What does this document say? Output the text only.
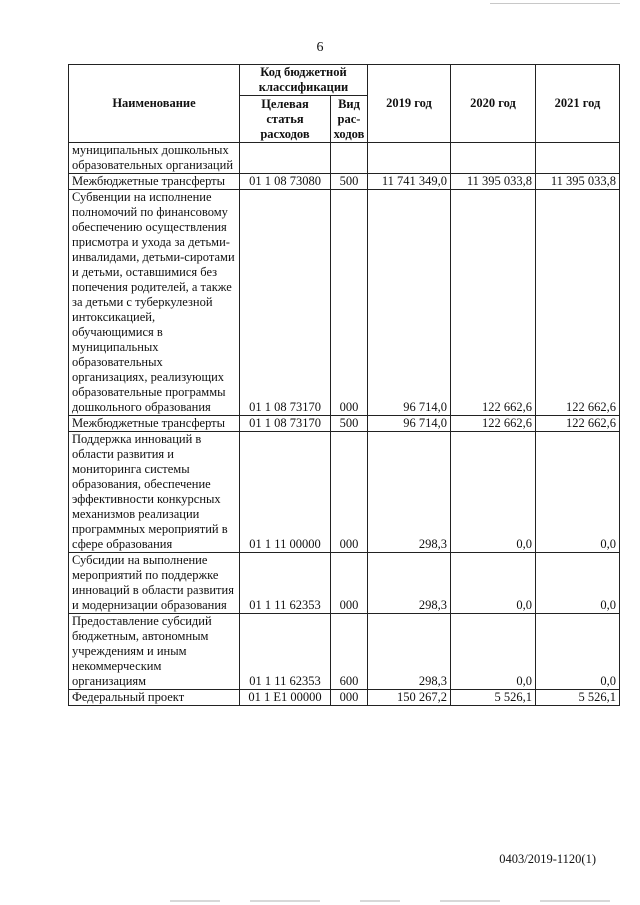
6
Наименование	Код бюджетной классификации		2019 год	2020 год	2021 год
	Целевая статья расходов	Вид рас-ходов			
муниципальных дошкольных образовательных организаций					
Межбюджетные трансферты	01 1 08 73080	500	11 741 349,0	11 395 033,8	11 395 033,8
Субвенции на исполнение полномочий по финансовому обеспечению осуществления присмотра и ухода за детьми-инвалидами, детьми-сиротами и детьми, оставшимися без попечения родителей, а также за детьми с туберкулезной интоксикацией, обучающимися в муниципальных образовательных организациях, реализующих образовательные программы дошкольного образования	01 1 08 73170	000	96 714,0	122 662,6	122 662,6
Межбюджетные трансферты	01 1 08 73170	500	96 714,0	122 662,6	122 662,6
Поддержка инноваций в области развития и мониторинга системы образования, обеспечение эффективности конкурсных механизмов реализации программных мероприятий в сфере образования	01 1 11 00000	000	298,3	0,0	0,0
Субсидии на выполнение мероприятий по поддержке инноваций в области развития и модернизации образования	01 1 11 62353	000	298,3	0,0	0,0
Предоставление субсидий бюджетным, автономным учреждениям и иным некоммерческим организациям	01 1 11 62353	600	298,3	0,0	0,0
Федеральный проект	01 1 E1 00000	000	150 267,2	5 526,1	5 526,1
0403/2019-1120(1)
